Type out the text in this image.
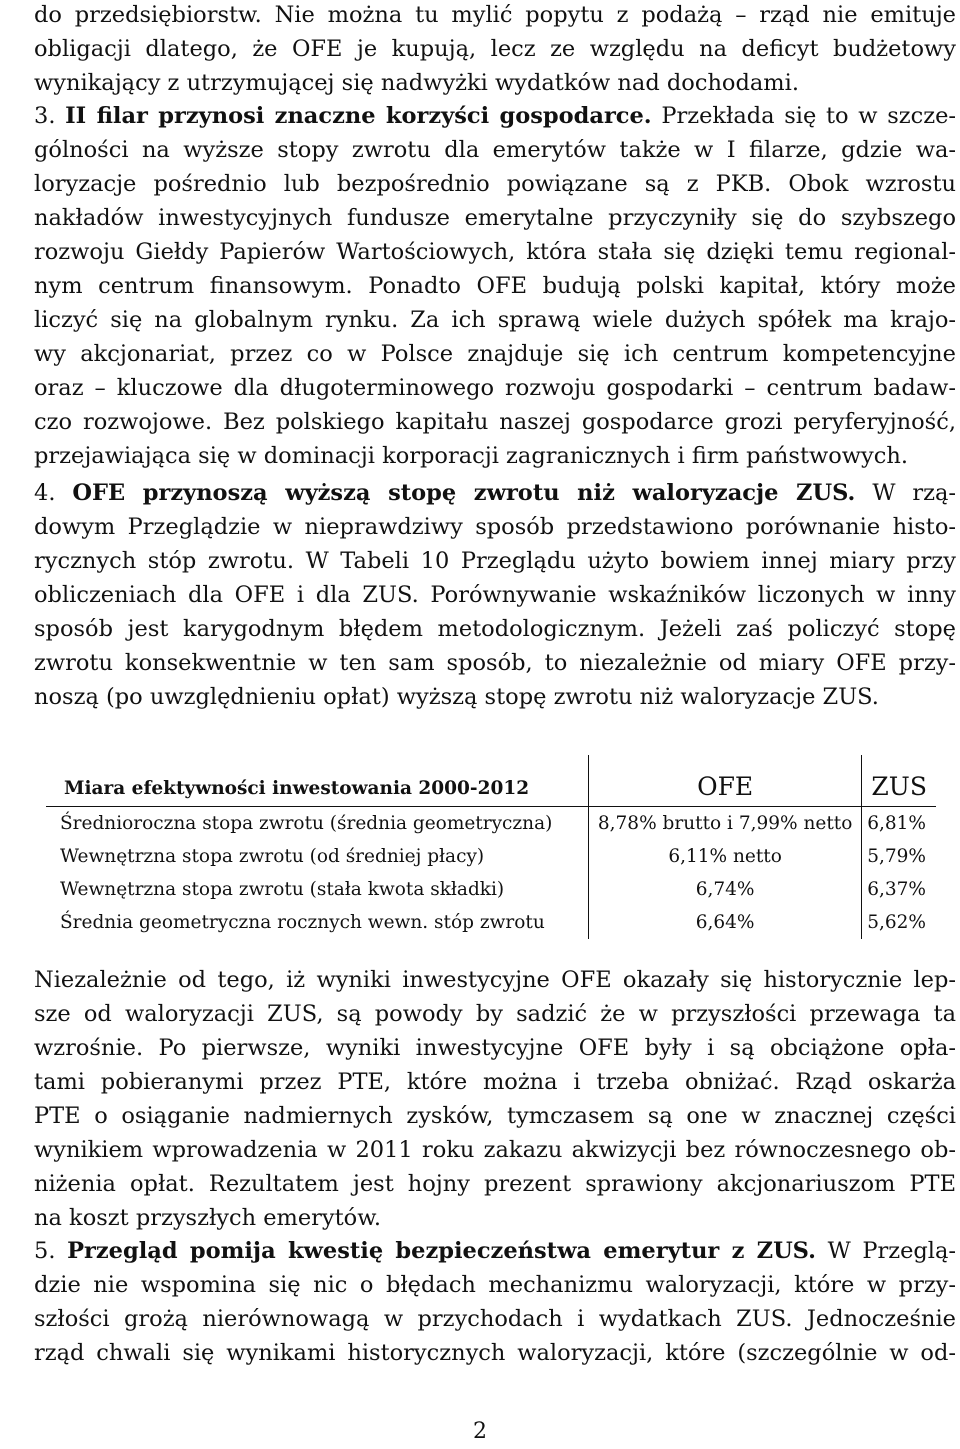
do przedsiębiorstw. Nie można tu mylić popytu z podażą – rząd nie emituje
obligacji dlatego, że OFE je kupują, lecz ze względu na deficyt budżetowy
wynikający z utrzymującej się nadwyżki wydatków nad dochodami.
3. II filar przynosi znaczne korzyści gospodarce. Przekłada się to w szcze-
gólności na wyższe stopy zwrotu dla emerytów także w I filarze, gdzie wa-
loryzacje pośrednio lub bezpośrednio powiązane są z PKB. Obok wzrostu
nakładów inwestycyjnych fundusze emerytalne przyczyniły się do szybszego
rozwoju Giełdy Papierów Wartościowych, która stała się dzięki temu regional-
nym centrum finansowym. Ponadto OFE budują polski kapitał, który może
liczyć się na globalnym rynku. Za ich sprawą wiele dużych spółek ma krajo-
wy akcjonariat, przez co w Polsce znajduje się ich centrum kompetencyjne
oraz – kluczowe dla długoterminowego rozwoju gospodarki – centrum badaw-
czo rozwojowe. Bez polskiego kapitału naszej gospodarce grozi peryferyjność,
przejawiająca się w dominacji korporacji zagranicznych i firm państwowych.
4. OFE przynoszą wyższą stopę zwrotu niż waloryzacje ZUS. W rzą-
dowym Przeglądzie w nieprawdziwy sposób przedstawiono porównanie histo-
rycznych stóp zwrotu. W Tabeli 10 Przeglądu użyto bowiem innej miary przy
obliczeniach dla OFE i dla ZUS. Porównywanie wskaźników liczonych w inny
sposób jest karygodnym błędem metodologicznym. Jeżeli zaś policzyć stopę
zwrotu konsekwentnie w ten sam sposób, to niezależnie od miary OFE przy-
noszą (po uwzględnieniu opłat) wyższą stopę zwrotu niż waloryzacje ZUS.
Miara efektywności inwestowania 2000-2012	OFE	ZUS
Średnioroczna stopa zwrotu (średnia geometryczna)	8,78% brutto i 7,99% netto	6,81%
Wewnętrzna stopa zwrotu (od średniej płacy)	6,11% netto	5,79%
Wewnętrzna stopa zwrotu (stała kwota składki)	6,74%	6,37%
Średnia geometryczna rocznych wewn. stóp zwrotu	6,64%	5,62%
Niezależnie od tego, iż wyniki inwestycyjne OFE okazały się historycznie lep-
sze od waloryzacji ZUS, są powody by sadzić że w przyszłości przewaga ta
wzrośnie. Po pierwsze, wyniki inwestycyjne OFE były i są obciążone opła-
tami pobieranymi przez PTE, które można i trzeba obniżać. Rząd oskarża
PTE o osiąganie nadmiernych zysków, tymczasem są one w znacznej części
wynikiem wprowadzenia w 2011 roku zakazu akwizycji bez równoczesnego ob-
niżenia opłat. Rezultatem jest hojny prezent sprawiony akcjonariuszom PTE
na koszt przyszłych emerytów.
5. Przegląd pomija kwestię bezpieczeństwa emerytur z ZUS. W Przeglą-
dzie nie wspomina się nic o błędach mechanizmu waloryzacji, które w przy-
szłości grożą nierównowagą w przychodach i wydatkach ZUS. Jednocześnie
rząd chwali się wynikami historycznych waloryzacji, które (szczególnie w od-
2
